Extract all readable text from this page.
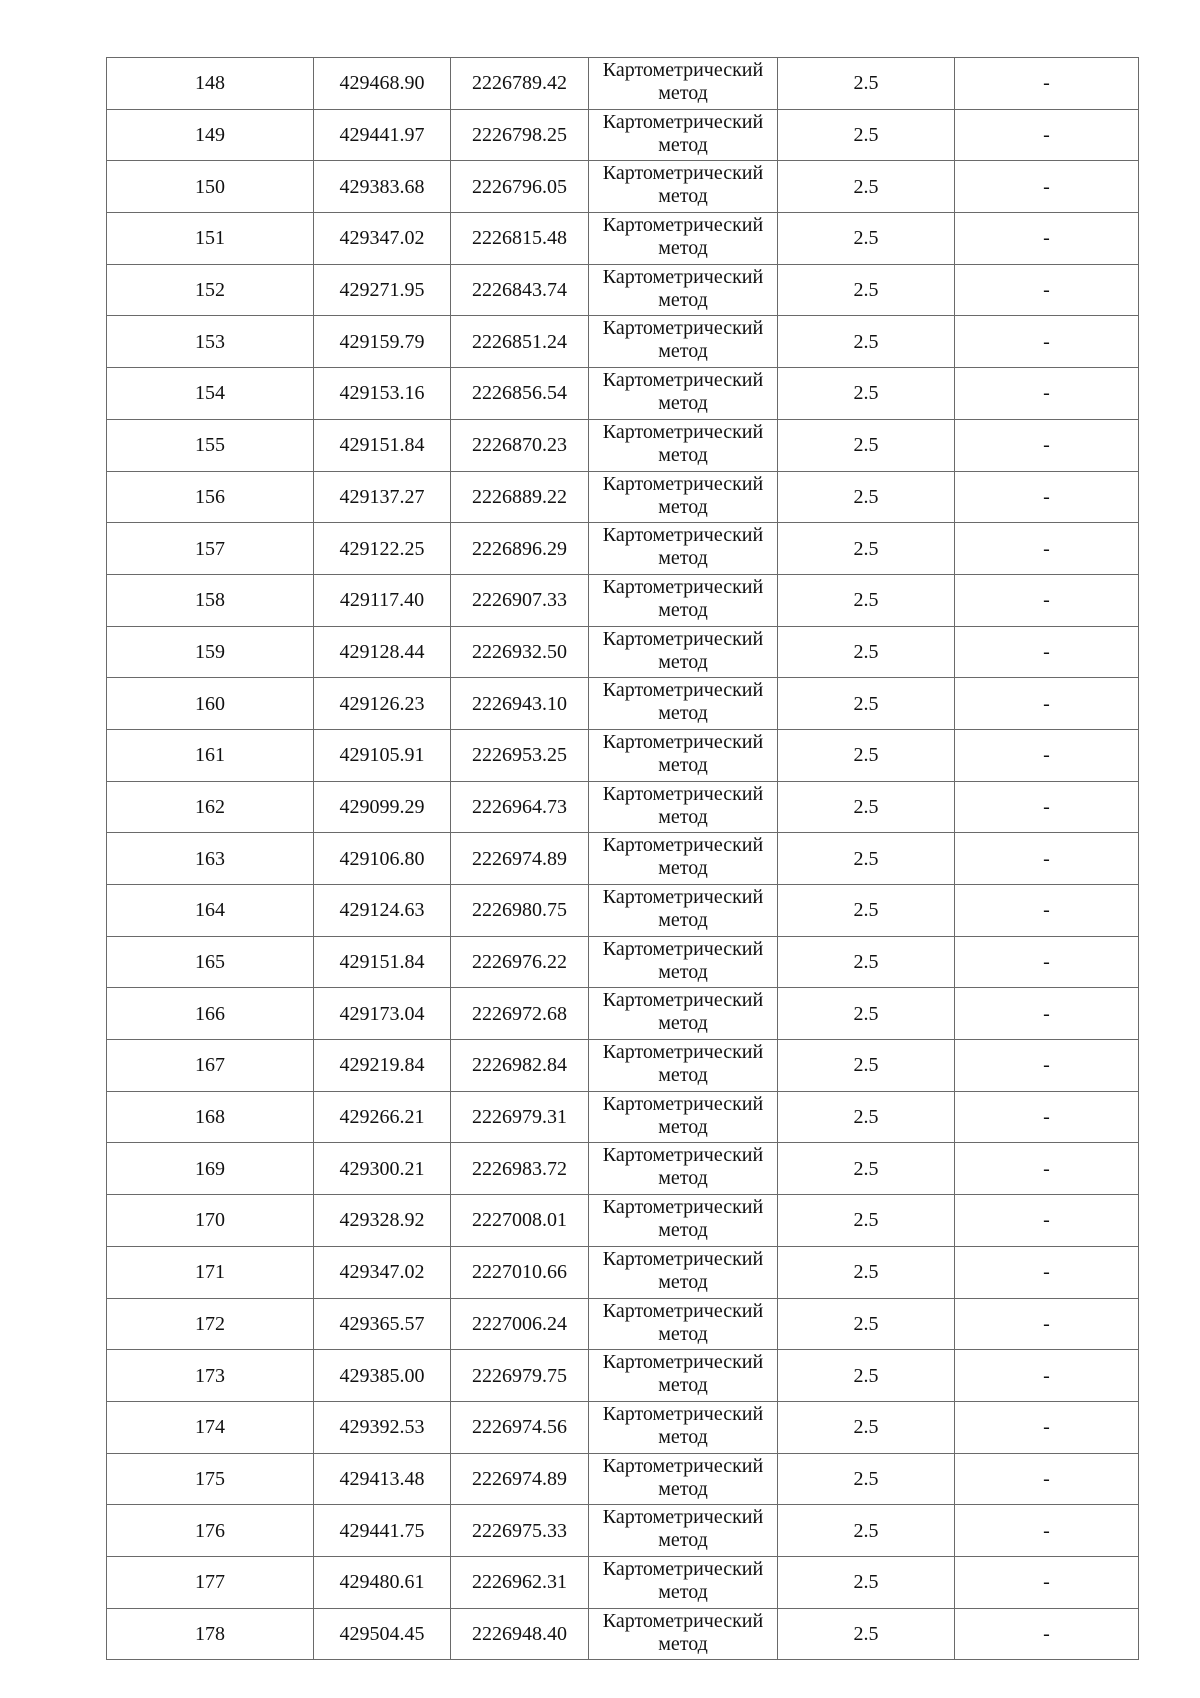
148	429468.90	2226789.42	Картометрический метод	2.5	-
149	429441.97	2226798.25	Картометрический метод	2.5	-
150	429383.68	2226796.05	Картометрический метод	2.5	-
151	429347.02	2226815.48	Картометрический метод	2.5	-
152	429271.95	2226843.74	Картометрический метод	2.5	-
153	429159.79	2226851.24	Картометрический метод	2.5	-
154	429153.16	2226856.54	Картометрический метод	2.5	-
155	429151.84	2226870.23	Картометрический метод	2.5	-
156	429137.27	2226889.22	Картометрический метод	2.5	-
157	429122.25	2226896.29	Картометрический метод	2.5	-
158	429117.40	2226907.33	Картометрический метод	2.5	-
159	429128.44	2226932.50	Картометрический метод	2.5	-
160	429126.23	2226943.10	Картометрический метод	2.5	-
161	429105.91	2226953.25	Картометрический метод	2.5	-
162	429099.29	2226964.73	Картометрический метод	2.5	-
163	429106.80	2226974.89	Картометрический метод	2.5	-
164	429124.63	2226980.75	Картометрический метод	2.5	-
165	429151.84	2226976.22	Картометрический метод	2.5	-
166	429173.04	2226972.68	Картометрический метод	2.5	-
167	429219.84	2226982.84	Картометрический метод	2.5	-
168	429266.21	2226979.31	Картометрический метод	2.5	-
169	429300.21	2226983.72	Картометрический метод	2.5	-
170	429328.92	2227008.01	Картометрический метод	2.5	-
171	429347.02	2227010.66	Картометрический метод	2.5	-
172	429365.57	2227006.24	Картометрический метод	2.5	-
173	429385.00	2226979.75	Картометрический метод	2.5	-
174	429392.53	2226974.56	Картометрический метод	2.5	-
175	429413.48	2226974.89	Картометрический метод	2.5	-
176	429441.75	2226975.33	Картометрический метод	2.5	-
177	429480.61	2226962.31	Картометрический метод	2.5	-
178	429504.45	2226948.40	Картометрический метод	2.5	-
